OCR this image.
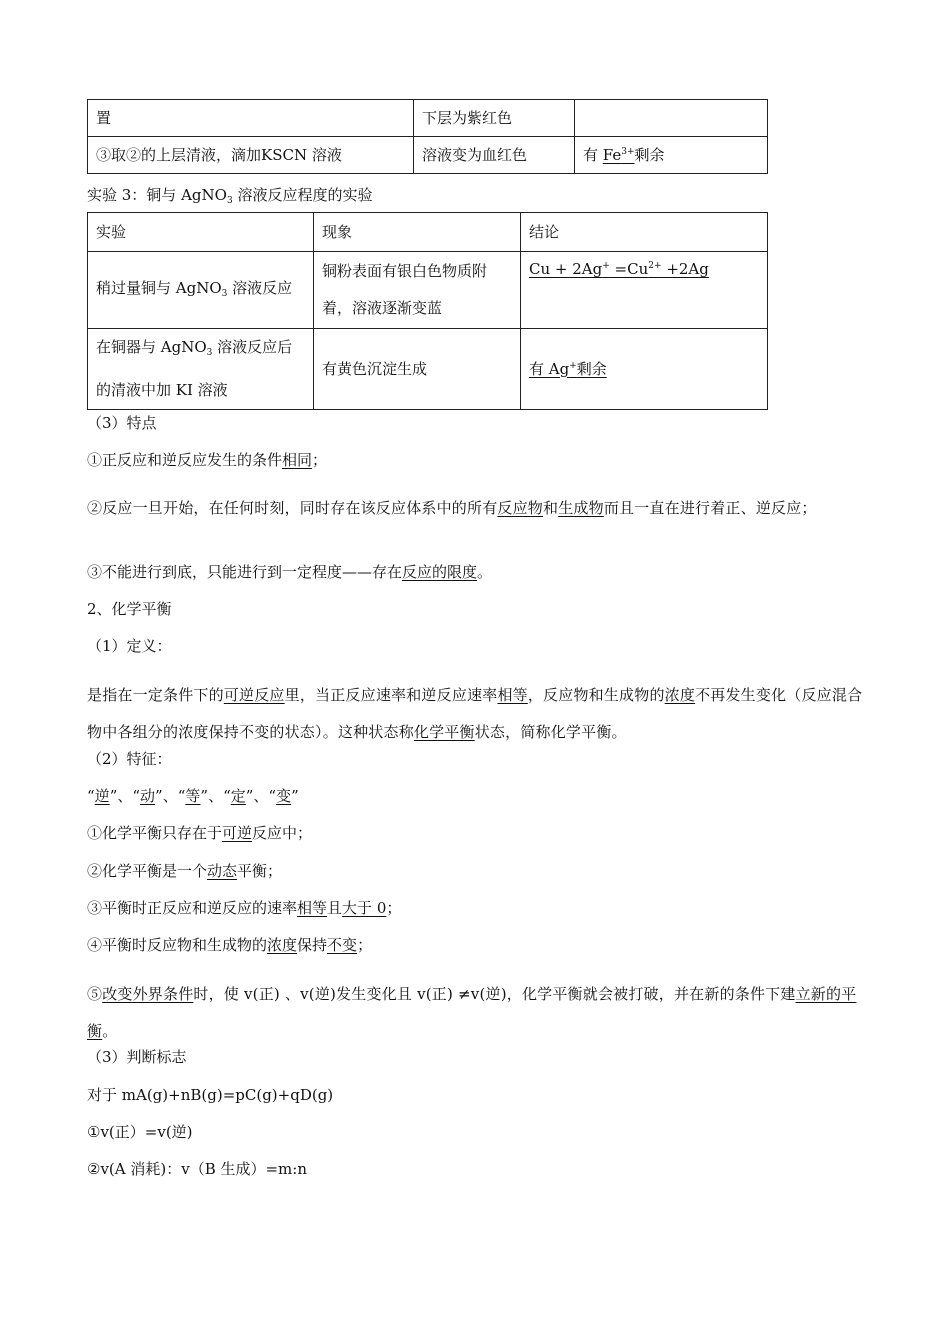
置	下层为紫红色	
③取②的上层清液，滴加KSCN 溶液	溶液变为血红色	有 $Fe^{3+}$剩余
实验 3：铜与 AgNO$_3$ 溶液反应程度的实验
实验	现象	结论
稍过量铜与 AgNO$_3$ 溶液反应	铜粉表面有银白色物质附着，溶液逐渐变蓝	$Cu + 2Ag^+ =Cu^{2+} +2Ag$
在铜器与 AgNO$_3$ 溶液反应后的清液中加 KI 溶液	有黄色沉淀生成	有 Ag+剩余
（3）特点
①正反应和逆反应发生的条件相同；
②反应一旦开始，在任何时刻，同时存在该反应体系中的所有反应物和生成物而且一直在进行着正、逆反应；
③不能进行到底，只能进行到一定程度——存在反应的限度。
2、化学平衡
（1）定义：
是指在一定条件下的可逆反应里，当正反应速率和逆反应速率相等，反应物和生成物的浓度不再发生变化（反应混合物中各组分的浓度保持不变的状态）。这种状态称化学平衡状态，简称化学平衡。
（2）特征：
“逆”、“动”、“等”、“定”、“变”
①化学平衡只存在于可逆反应中；
②化学平衡是一个动态平衡；
③平衡时正反应和逆反应的速率相等且大于 0；
④平衡时反应物和生成物的浓度保持不变；
⑤改变外界条件时，使 v(正) 、v(逆)发生变化且 v(正) ≠v(逆)，化学平衡就会被打破，并在新的条件下建立新的平衡。
（3）判断标志
对于 mA(g)+nB(g)=pC(g)+qD(g)
①v(正）=v(逆)
②v(A 消耗)：v（B 生成）=m:n
